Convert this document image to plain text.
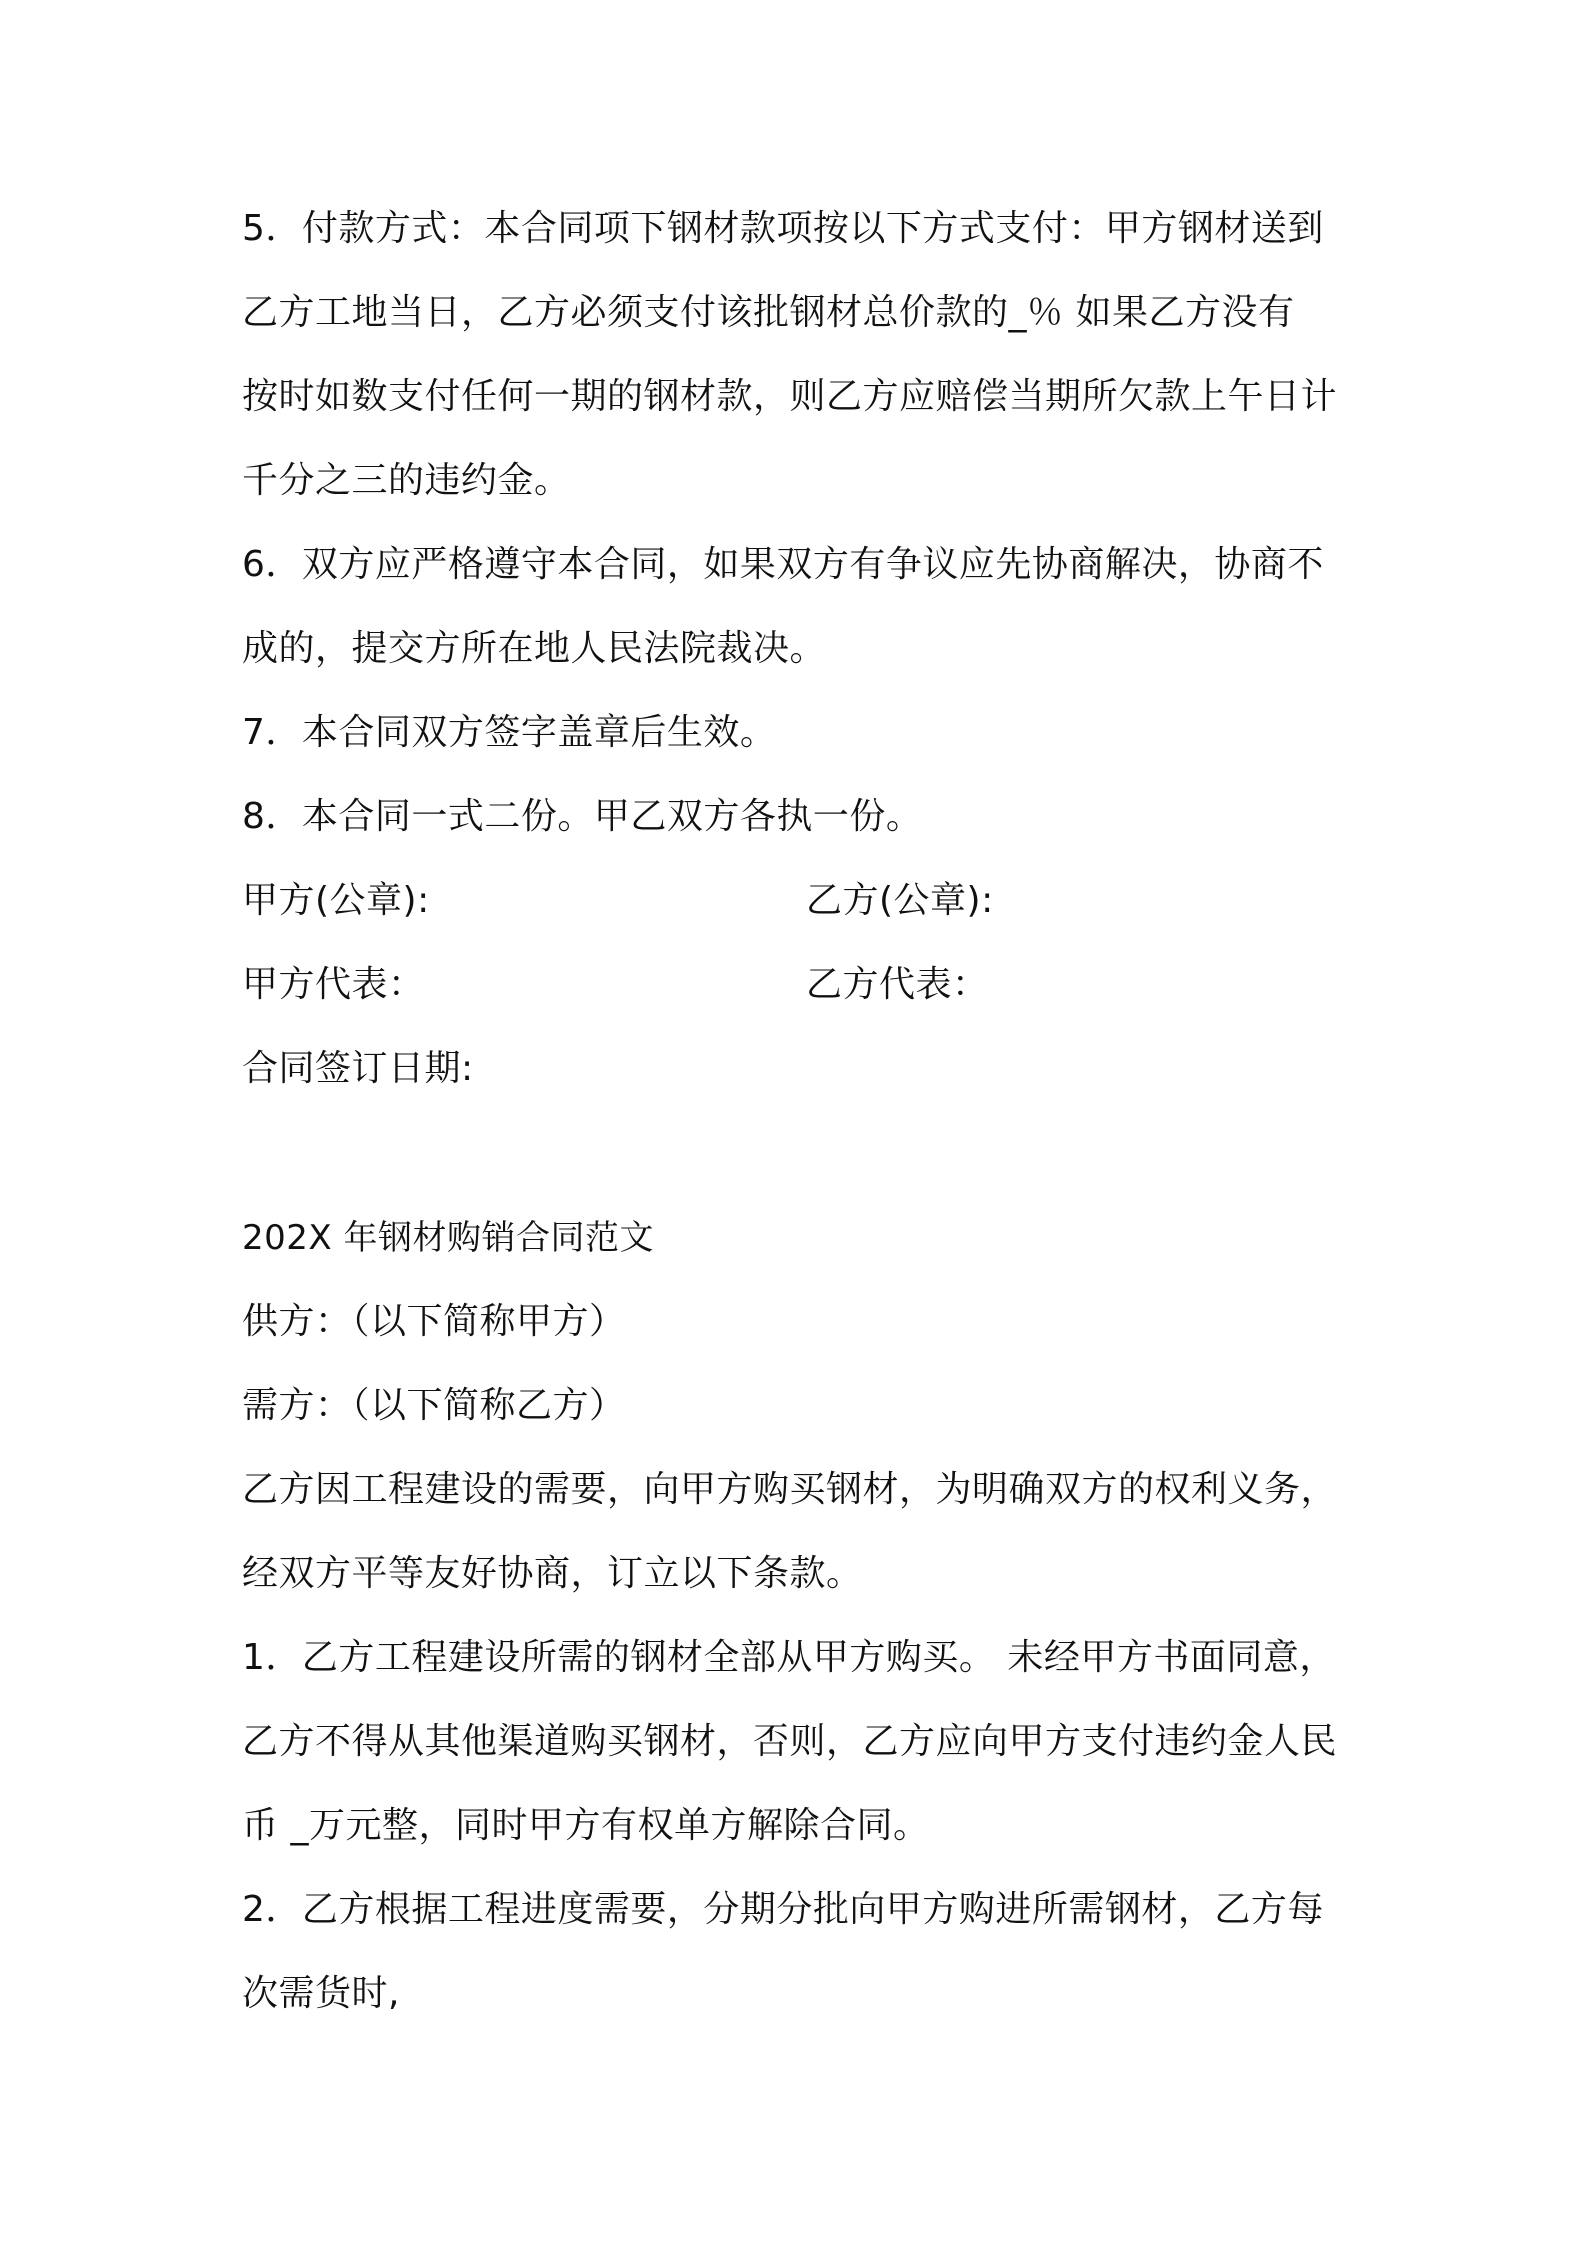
5．付款方式：本合同项下钢材款项按以下方式支付：甲方钢材送到
乙方工地当日，乙方必须支付该批钢材总价款的_％ 如果乙方没有
按时如数支付任何一期的钢材款，则乙方应赔偿当期所欠款上午日计
千分之三的违约金。
6．双方应严格遵守本合同，如果双方有争议应先协商解决，协商不
成的，提交方所在地人民法院裁决。
7．本合同双方签字盖章后生效。
8．本合同一式二份。甲乙双方各执一份。
甲方(公章):	乙方(公章):
甲方代表：	乙方代表：
合同签订日期:
202X 年钢材购销合同范文
供方：（以下简称甲方）
需方：（以下简称乙方）
乙方因工程建设的需要，向甲方购买钢材，为明确双方的权利义务，
经双方平等友好协商，订立以下条款。
1．乙方工程建设所需的钢材全部从甲方购买。 未经甲方书面同意，
乙方不得从其他渠道购买钢材，否则，乙方应向甲方支付违约金人民
币 _万元整，同时甲方有权单方解除合同。
2．乙方根据工程进度需要，分期分批向甲方购进所需钢材，乙方每
次需货时,
